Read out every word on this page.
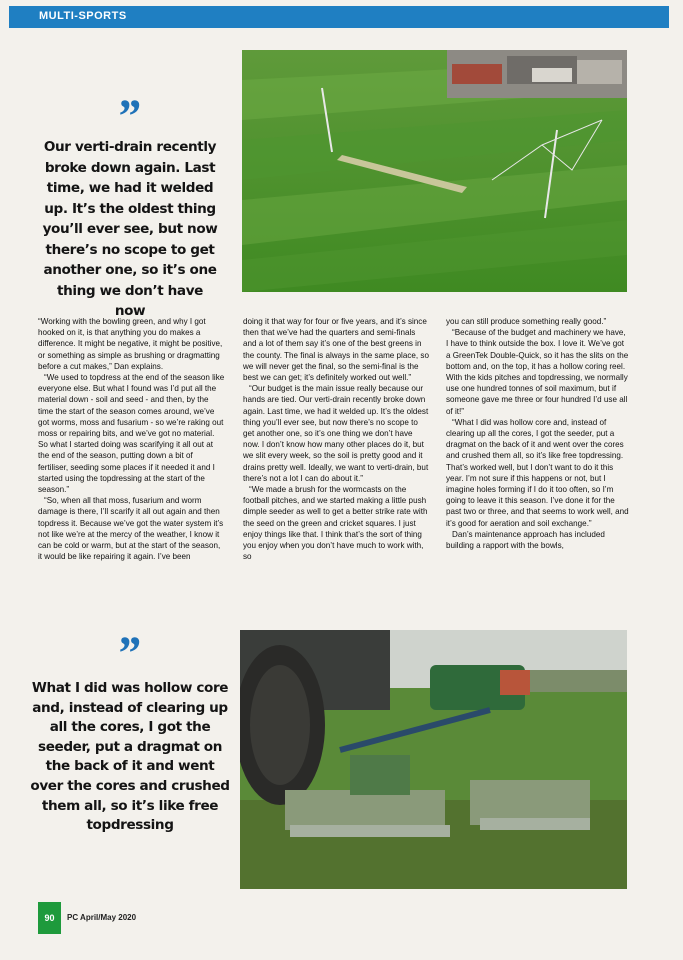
MULTI-SPORTS
”
Our verti-drain recently broke down again. Last time, we had it welded up. It’s the oldest thing you’ll ever see, but now there’s no scope to get another one, so it’s one thing we don’t have now

“Working with the bowling green, and why I got hooked on it, is that anything you do makes a difference. It might be negative, it might be positive, or something as simple as brushing or dragmatting before a cut makes,” Dan explains.

“We used to topdress at the end of the season like everyone else. But what I found was I’d put all the material down - soil and seed - and then, by the time the start of the season comes around, we’ve got worms, moss and fusarium - so we’re raking out moss or repairing bits, and we’ve got no material. So what I started doing was scarifying it all out at the end of the season, putting down a bit of fertiliser, seeding some places if it needed it and I started using the topdressing at the start of the season.”

“So, when all that moss, fusarium and worm damage is there, I’ll scarify it all out again and then topdress it. Because we’ve got the water system it’s not like we’re at the mercy of the weather, I know it can be cold or warm, but at the start of the season, it would be like repairing it again. I’ve been

doing it that way for four or five years, and it’s since then that we’ve had the quarters and semi-finals and a lot of them say it’s one of the best greens in the county. The final is always in the same place, so we will never get the final, so the semi-final is the best we can get; it’s definitely worked out well.”

“Our budget is the main issue really because our hands are tied. Our verti-drain recently broke down again. Last time, we had it welded up. It’s the oldest thing you’ll ever see, but now there’s no scope to get another one, so it’s one thing we don’t have now. I don’t know how many other places do it, but we slit every week, so the soil is pretty good and it drains pretty well. Ideally, we want to verti-drain, but there’s not a lot I can do about it.”

“We made a brush for the wormcasts on the football pitches, and we started making a little push dimple seeder as well to get a better strike rate with the seed on the green and cricket squares. I just enjoy things like that. I think that’s the sort of thing you enjoy when you don’t have much to work with, so

you can still produce something really good.”

“Because of the budget and machinery we have, I have to think outside the box. I love it. We’ve got a GreenTek Double-Quick, so it has the slits on the bottom and, on the top, it has a hollow coring reel. With the kids pitches and topdressing, we normally use one hundred tonnes of soil maximum, but if someone gave me three or four hundred I’d use all of it!”

“What I did was hollow core and, instead of clearing up all the cores, I got the seeder, put a dragmat on the back of it and went over the cores and crushed them all, so it’s like free topdressing. That’s worked well, but I don’t want to do it this year. I’m not sure if this happens or not, but I imagine holes forming if I do it too often, so I’m going to leave it this season. I’ve done it for the past two or three, and that seems to work well, and it’s good for aeration and soil exchange.”

Dan’s maintenance approach has included building a rapport with the bowls,

”
What I did was hollow core and, instead of clearing up all the cores, I got the seeder, put a dragmat on the back of it and went over the cores and crushed them all, so it’s like free topdressing
90	PC April/May 2020
